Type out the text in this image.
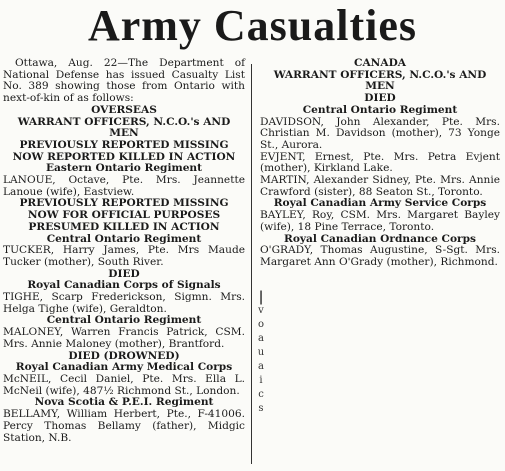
Army Casualties

Ottawa, Aug. 22—The Department of National Defense has issued Casualty List No. 389 showing those from Ontario with next-of-kin of as follows:

OVERSEAS

WARRANT OFFICERS, N.C.O.'s AND MEN

PREVIOUSLY REPORTED MISSING NOW REPORTED KILLED IN ACTION

Eastern Ontario Regiment

LANOUE, Octave, Pte. Mrs. Jeannette Lanoue (wife), Eastview.

PREVIOUSLY REPORTED MISSING NOW FOR OFFICIAL PURPOSES PRESUMED KILLED IN ACTION

Central Ontario Regiment

TUCKER, Harry James, Pte. Mrs Maude Tucker (mother), South River.

DIED

Royal Canadian Corps of Signals

TIGHE, Scarp Frederickson, Sigmn. Mrs. Helga Tighe (wife), Geraldton.

Central Ontario Regiment

MALONEY, Warren Francis Patrick, CSM. Mrs. Annie Maloney (mother), Brantford.

DIED (DROWNED)

Royal Canadian Army Medical Corps

McNEIL, Cecil Daniel, Pte. Mrs. Ella L. McNeil (wife), 487½ Richmond St., London.

Nova Scotia & P.E.I. Regiment

BELLAMY, William Herbert, Pte., F-41006. Percy Thomas Bellamy (father), Midgic Station, N.B.

CANADA

WARRANT OFFICERS, N.C.O.'s AND MEN

DIED

Central Ontario Regiment

DAVIDSON, John Alexander, Pte. Mrs. Christian M. Davidson (mother), 73 Yonge St., Aurora.

EVJENT, Ernest, Pte. Mrs. Petra Evjent (mother), Kirkland Lake.

MARTIN, Alexander Sidney, Pte. Mrs. Annie Crawford (sister), 88 Seaton St., Toronto.

Royal Canadian Army Service Corps

BAYLEY, Roy, CSM. Mrs. Margaret Bayley (wife), 18 Pine Terrace, Toronto.

Royal Canadian Ordnance Corps

O'GRADY, Thomas Augustine, S-Sgt. Mrs. Margaret Ann O'Grady (mother), Richmond.

|
v
o
a
u
a
i
c
s
